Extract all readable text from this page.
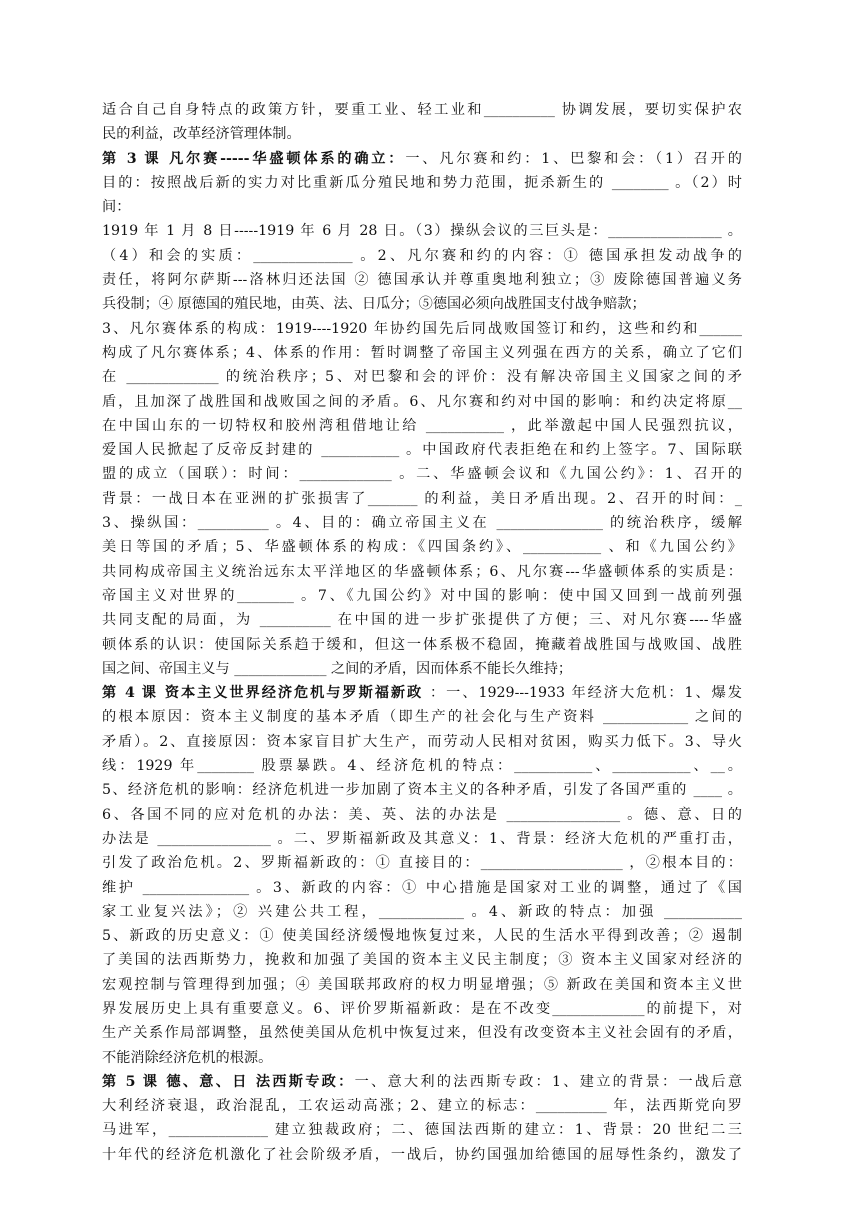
适合自己自身特点的政策方针，要重工业、轻工业和__________ 协调发展，要切实保护农
民的利益，改革经济管理体制。
第 3 课 凡尔赛-----华盛顿体系的确立：一、凡尔赛和约：1、巴黎和会：（1）召开的
目的：按照战后新的实力对比重新瓜分殖民地和势力范围，扼杀新生的 ________ 。（2）时
间：
1919 年 1 月 8 日-----1919 年 6 月 28 日。（3）操纵会议的三巨头是：________________ 。
（4）和会的实质：______________ 。2、凡尔赛和约的内容：① 德国承担发动战争的
责任，将阿尔萨斯---洛林归还法国 ② 德国承认并尊重奥地利独立；③ 废除德国普遍义务
兵役制；④ 原德国的殖民地，由英、法、日瓜分；⑤德国必须向战胜国支付战争赔款；
3、凡尔赛体系的构成：1919----1920 年协约国先后同战败国签订和约，这些和约和______
构成了凡尔赛体系；4、体系的作用：暂时调整了帝国主义列强在西方的关系，确立了它们
在 _____________ 的统治秩序；5、对巴黎和会的评价：没有解决帝国主义国家之间的矛
盾，且加深了战胜国和战败国之间的矛盾。6、凡尔赛和约对中国的影响：和约决定将原__
在中国山东的一切特权和胶州湾租借地让给 ___________ ，此举激起中国人民强烈抗议，
爱国人民掀起了反帝反封建的 ___________ 。中国政府代表拒绝在和约上签字。7、国际联
盟的成立（国联）：时间：_____________ 。二、华盛顿会议和《九国公约》：1、召开的
背景：一战日本在亚洲的扩张损害了_______ 的利益，美日矛盾出现。2、召开的时间：_
3、操纵国：__________ 。4、目的：确立帝国主义在 _______________ 的统治秩序，缓解
美日等国的矛盾；5、华盛顿体系的构成：《四国条约》、___________ 、和《九国公约》
共同构成帝国主义统治远东太平洋地区的华盛顿体系；6、凡尔赛---华盛顿体系的实质是：
帝国主义对世界的________ 。7、《九国公约》对中国的影响：使中国又回到一战前列强
共同支配的局面，为 __________ 在中国的进一步扩张提供了方便；三、对凡尔赛----华盛
顿体系的认识：使国际关系趋于缓和，但这一体系极不稳固，掩藏着战胜国与战败国、战胜
国之间、帝国主义与 _____________ 之间的矛盾，因而体系不能长久维持；
第 4 课 资本主义世界经济危机与罗斯福新政 ：一、1929---1933 年经济大危机：1、爆发
的根本原因：资本主义制度的基本矛盾（即生产的社会化与生产资料 ____________ 之间的
矛盾）。2、直接原因：资本家盲目扩大生产，而劳动人民相对贫困，购买力低下。3、导火
线：1929 年________ 股票暴跌。4、经济危机的特点：___________、___________、__。
5、经济危机的影响：经济危机进一步加剧了资本主义的各种矛盾，引发了各国严重的 ____ 。
6、各国不同的应对危机的办法：美、英、法的办法是 ________________ 。德、意、日的
办法是 ________________ 。二、罗斯福新政及其意义：1、背景：经济大危机的严重打击，
引发了政治危机。2、罗斯福新政的：① 直接目的：____________________ ，②根本目的：
维护 _______________ 。3、新政的内容：① 中心措施是国家对工业的调整，通过了《国
家工业复兴法》；② 兴建公共工程，____________ 。4、新政的特点：加强 ___________
5、新政的历史意义：① 使美国经济缓慢地恢复过来，人民的生活水平得到改善；② 遏制
了美国的法西斯势力，挽救和加强了美国的资本主义民主制度；③ 资本主义国家对经济的
宏观控制与管理得到加强；④ 美国联邦政府的权力明显增强；⑤ 新政在美国和资本主义世
界发展历史上具有重要意义。6、评价罗斯福新政：是在不改变_____________的前提下，对
生产关系作局部调整，虽然使美国从危机中恢复过来，但没有改变资本主义社会固有的矛盾，
不能消除经济危机的根源。
第 5 课 德、意、日 法西斯专政：一、意大利的法西斯专政：1、建立的背景：一战后意
大利经济衰退，政治混乱，工农运动高涨；2、建立的标志：__________ 年，法西斯党向罗
马进军，______________ 建立独裁政府；二、德国法西斯的建立：1、背景：20 世纪二三
十年代的经济危机激化了社会阶级矛盾，一战后，协约国强加给德国的屈辱性条约，激发了
